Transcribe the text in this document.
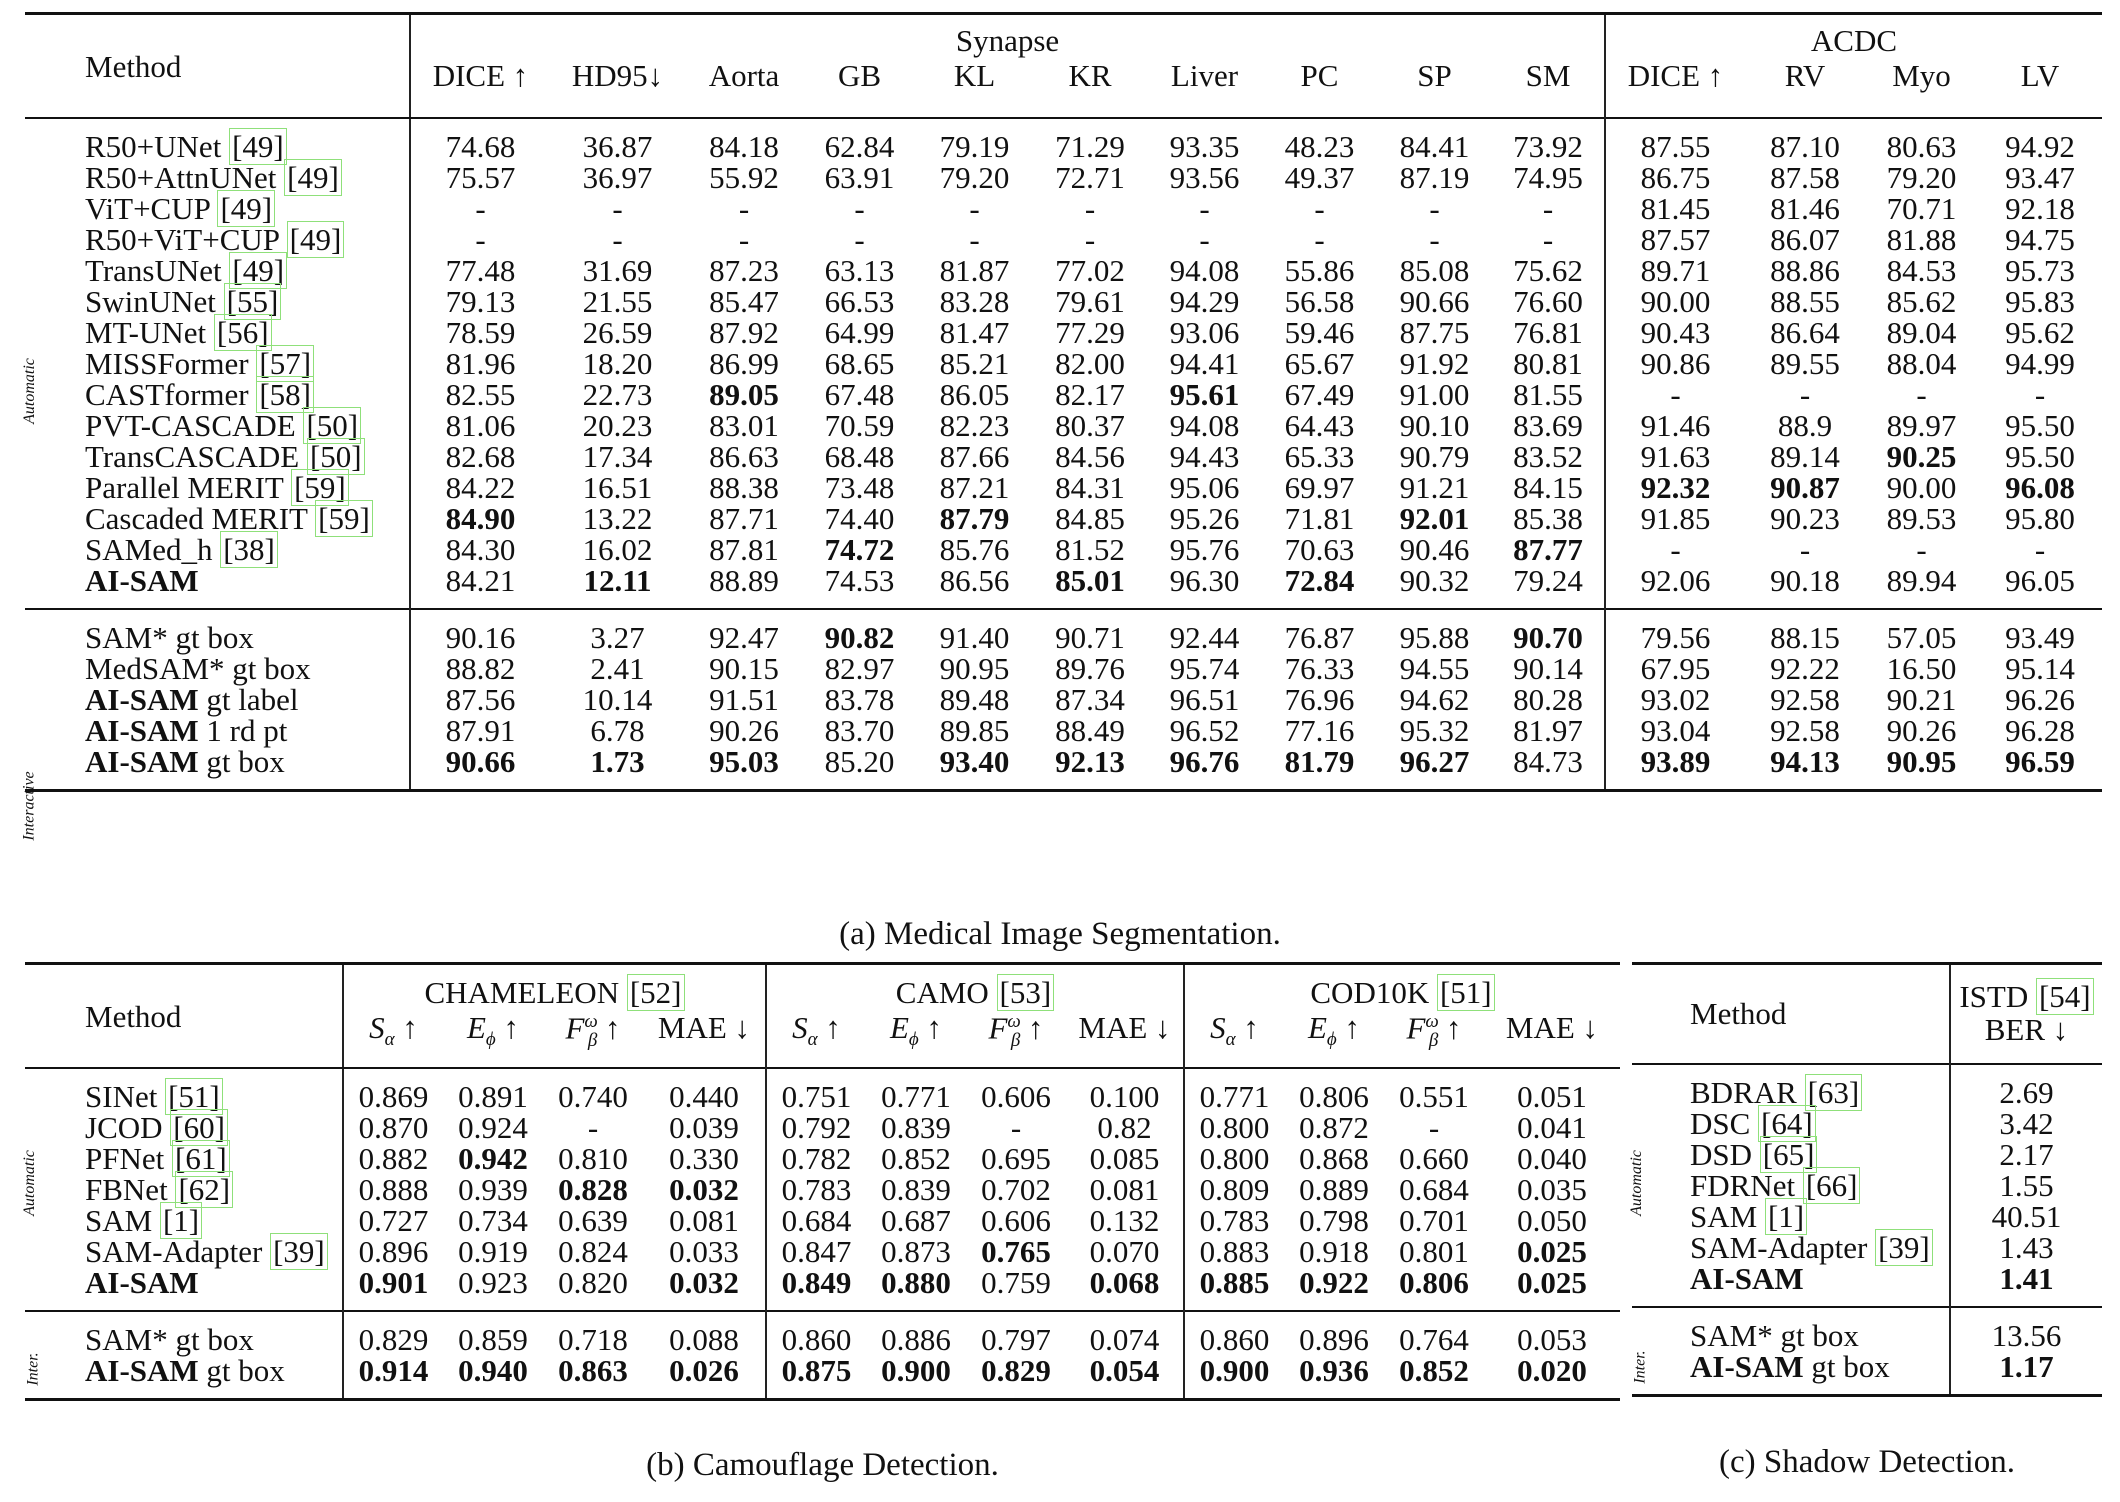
Method	Synapse										ACDC			
	DICE ↑	HD95↓	Aorta	GB	KL	KR	Liver	PC	SP	SM	DICE ↑	RV	Myo	LV
R50+UNet [49]	74.68	36.87	84.18	62.84	79.19	71.29	93.35	48.23	84.41	73.92	87.55	87.10	80.63	94.92
R50+AttnUNet [49]	75.57	36.97	55.92	63.91	79.20	72.71	93.56	49.37	87.19	74.95	86.75	87.58	79.20	93.47
ViT+CUP [49]	-	-	-	-	-	-	-	-	-	-	81.45	81.46	70.71	92.18
R50+ViT+CUP [49]	-	-	-	-	-	-	-	-	-	-	87.57	86.07	81.88	94.75
TransUNet [49]	77.48	31.69	87.23	63.13	81.87	77.02	94.08	55.86	85.08	75.62	89.71	88.86	84.53	95.73
SwinUNet [55]	79.13	21.55	85.47	66.53	83.28	79.61	94.29	56.58	90.66	76.60	90.00	88.55	85.62	95.83
MT-UNet [56]	78.59	26.59	87.92	64.99	81.47	77.29	93.06	59.46	87.75	76.81	90.43	86.64	89.04	95.62
MISSFormer [57]	81.96	18.20	86.99	68.65	85.21	82.00	94.41	65.67	91.92	80.81	90.86	89.55	88.04	94.99
CASTformer [58]	82.55	22.73	89.05	67.48	86.05	82.17	95.61	67.49	91.00	81.55	-	-	-	-
PVT-CASCADE [50]	81.06	20.23	83.01	70.59	82.23	80.37	94.08	64.43	90.10	83.69	91.46	88.9	89.97	95.50
TransCASCADE [50]	82.68	17.34	86.63	68.48	87.66	84.56	94.43	65.33	90.79	83.52	91.63	89.14	90.25	95.50
Parallel MERIT [59]	84.22	16.51	88.38	73.48	87.21	84.31	95.06	69.97	91.21	84.15	92.32	90.87	90.00	96.08
Cascaded MERIT [59]	84.90	13.22	87.71	74.40	87.79	84.85	95.26	71.81	92.01	85.38	91.85	90.23	89.53	95.80
SAMed_h [38]	84.30	16.02	87.81	74.72	85.76	81.52	95.76	70.63	90.46	87.77	-	-	-	-
AI-SAM	84.21	12.11	88.89	74.53	86.56	85.01	96.30	72.84	90.32	79.24	92.06	90.18	89.94	96.05
SAM* gt box	90.16	3.27	92.47	90.82	91.40	90.71	92.44	76.87	95.88	90.70	79.56	88.15	57.05	93.49
MedSAM* gt box	88.82	2.41	90.15	82.97	90.95	89.76	95.74	76.33	94.55	90.14	67.95	92.22	16.50	95.14
AI-SAM gt label	87.56	10.14	91.51	83.78	89.48	87.34	96.51	76.96	94.62	80.28	93.02	92.58	90.21	96.26
AI-SAM 1 rd pt	87.91	6.78	90.26	83.70	89.85	88.49	96.52	77.16	95.32	81.97	93.04	92.58	90.26	96.28
AI-SAM gt box	90.66	1.73	95.03	85.20	93.40	92.13	96.76	81.79	96.27	84.73	93.89	94.13	90.95	96.59
Automatic
Interactive
(a) Medical Image Segmentation.
Method	CHAMELEON [52]				CAMO [53]				COD10K [51]			
	$S_\alpha$ ↑	$E_\phi$ ↑	$F^\omega_\beta$ ↑	MAE ↓	$S_\alpha$ ↑	$E_\phi$ ↑	$F^\omega_\beta$ ↑	MAE ↓	$S_\alpha$ ↑	$E_\phi$ ↑	$F^\omega_\beta$ ↑	MAE ↓
SINet [51]	0.869	0.891	0.740	0.440	0.751	0.771	0.606	0.100	0.771	0.806	0.551	0.051
JCOD [60]	0.870	0.924	-	0.039	0.792	0.839	-	0.82	0.800	0.872	-	0.041
PFNet [61]	0.882	0.942	0.810	0.330	0.782	0.852	0.695	0.085	0.800	0.868	0.660	0.040
FBNet [62]	0.888	0.939	0.828	0.032	0.783	0.839	0.702	0.081	0.809	0.889	0.684	0.035
SAM [1]	0.727	0.734	0.639	0.081	0.684	0.687	0.606	0.132	0.783	0.798	0.701	0.050
SAM-Adapter [39]	0.896	0.919	0.824	0.033	0.847	0.873	0.765	0.070	0.883	0.918	0.801	0.025
AI-SAM	0.901	0.923	0.820	0.032	0.849	0.880	0.759	0.068	0.885	0.922	0.806	0.025
SAM* gt box	0.829	0.859	0.718	0.088	0.860	0.886	0.797	0.074	0.860	0.896	0.764	0.053
AI-SAM gt box	0.914	0.940	0.863	0.026	0.875	0.900	0.829	0.054	0.900	0.936	0.852	0.020
Automatic
Inter.
(b) Camouflage Detection.
Method	ISTD [54]
BER ↓
BDRAR [63]	2.69
DSC [64]	3.42
DSD [65]	2.17
FDRNet [66]	1.55
SAM [1]	40.51
SAM-Adapter [39]	1.43
AI-SAM	1.41
SAM* gt box	13.56
AI-SAM gt box	1.17
Automatic
Inter.
(c) Shadow Detection.
